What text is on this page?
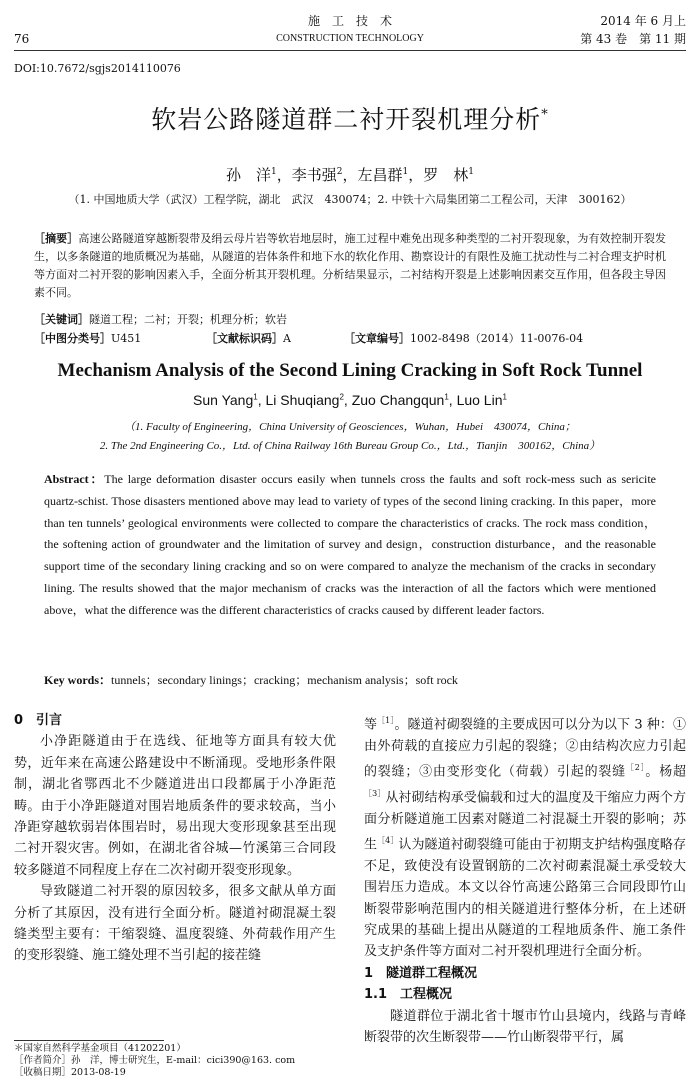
76
施　工　技　术
CONSTRUCTION TECHNOLOGY
2014 年 6 月上
第 43 卷　第 11 期
DOI:10.7672/sgjs2014110076
软岩公路隧道群二衬开裂机理分析*
孙　洋$^1$，李书强$^2$，左昌群$^1$，罗　林$^1$
（1. 中国地质大学（武汉）工程学院，湖北　武汉　430074；2. 中铁十六局集团第二工程公司，天津　300162）
［摘要］高速公路隧道穿越断裂带及绢云母片岩等软岩地层时，施工过程中难免出现多种类型的二衬开裂现象，为有效控制开裂发生，以多条隧道的地质概况为基础，从隧道的岩体条件和地下水的软化作用、勘察设计的有限性及施工扰动性与二衬合理支护时机等方面对二衬开裂的影响因素入手，全面分析其开裂机理。分析结果显示，二衬结构开裂是上述影响因素交互作用，但各段主导因素不同。
［关键词］隧道工程；二衬；开裂；机理分析；软岩
［中图分类号］U451	［文献标识码］A	［文章编号］1002-8498（2014）11-0076-04
Mechanism Analysis of the Second Lining Cracking in Soft Rock Tunnel
Sun Yang$^1$, Li Shuqiang$^2$, Zuo Changqun$^1$, Luo Lin$^1$
（1. Faculty of Engineering，China University of Geosciences，Wuhan，Hubei　430074，China；
2. The 2nd Engineering Co.，Ltd. of China Railway 16th Bureau Group Co.，Ltd.，Tianjin　300162，China）
Abstract：The large deformation disaster occurs easily when tunnels cross the faults and soft rock-mess such as sericite quartz-schist. Those disasters mentioned above may lead to variety of types of the second lining cracking. In this paper，more than ten tunnels’ geological environments were collected to compare the characteristics of cracks. The rock mass condition，the softening action of groundwater and the limitation of survey and design，construction disturbance，and the reasonable support time of the secondary lining cracking and so on were compared to analyze the mechanism of the cracks in secondary lining. The results showed that the major mechanism of cracks was the interaction of all the factors which were mentioned above，what the difference was the different characteristics of cracks caused by different leader factors.
Key words：tunnels；secondary linings；cracking；mechanism analysis；soft rock

0　引言

小净距隧道由于在选线、征地等方面具有较大优势，近年来在高速公路建设中不断涌现。受地形条件限制，湖北省鄂西北不少隧道进出口段都属于小净距范畴。由于小净距隧道对围岩地质条件的要求较高，当小净距穿越软弱岩体围岩时，易出现大变形现象甚至出现二衬开裂灾害。例如，在湖北省谷城—竹溪第三合同段较多隧道不同程度上存在二次衬砌开裂变形现象。

导致隧道二衬开裂的原因较多，很多文献从单方面分析了其原因，没有进行全面分析。隧道衬砌混凝土裂缝类型主要有：干缩裂缝、温度裂缝、外荷载作用产生的变形裂缝、施工缝处理不当引起的接茬缝

等$^{[1]}$。隧道衬砌裂缝的主要成因可以分为以下 3 种：①由外荷载的直接应力引起的裂缝；②由结构次应力引起的裂缝；③由变形变化（荷载）引起的裂缝$^{[2]}$。杨超$^{[3]}$从衬砌结构承受偏载和过大的温度及干缩应力两个方面分析隧道施工因素对隧道二衬混凝土开裂的影响；苏生$^{[4]}$认为隧道衬砌裂缝可能由于初期支护结构强度略存不足，致使没有设置钢筋的二次衬砌素混凝土承受较大围岩压力造成。本文以谷竹高速公路第三合同段即竹山断裂带影响范围内的相关隧道进行整体分析，在上述研究成果的基础上提出从隧道的工程地质条件、施工条件及支护条件等方面对二衬开裂机理进行全面分析。

1　隧道群工程概况

1.1　工程概况

隧道群位于湖北省十堰市竹山县境内，线路与青峰断裂带的次生断裂带——竹山断裂带平行，属

＊国家自然科学基金项目（41202201）
［作者简介］孙　洋，博士研究生，E-mail：cici390@163. com
［收稿日期］2013-08-19
